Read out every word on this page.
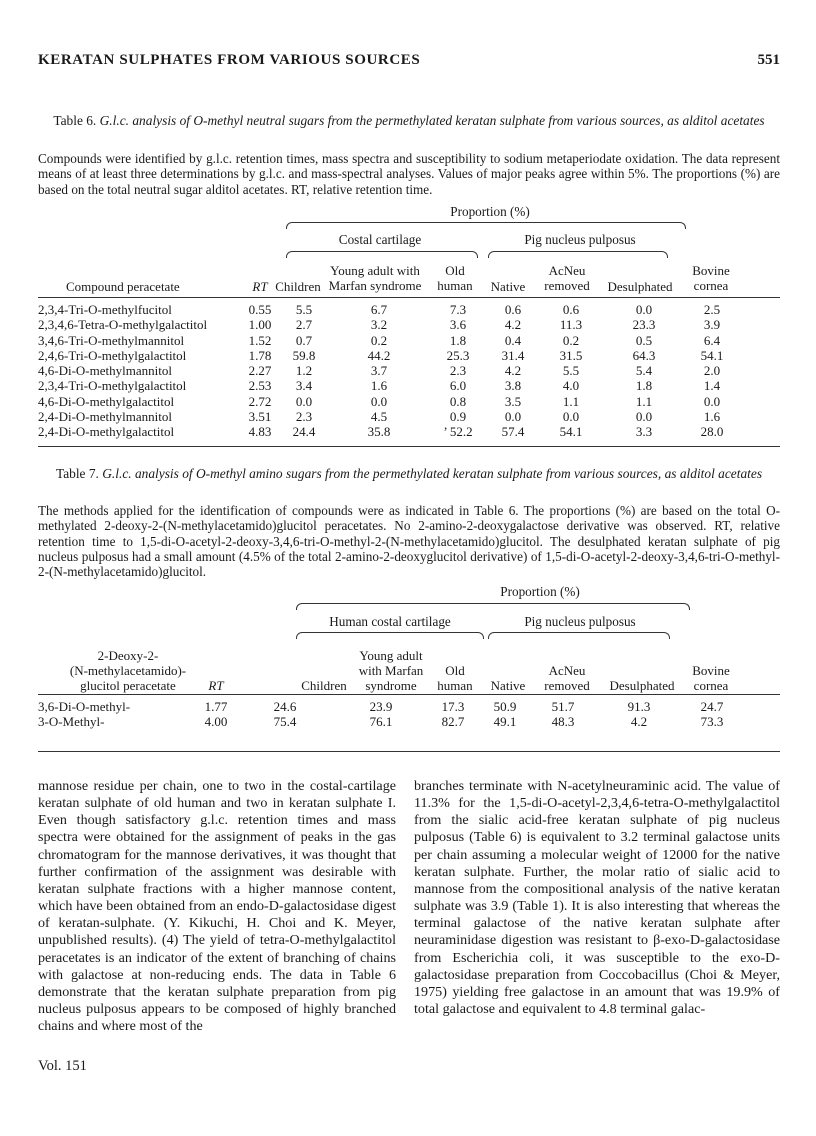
KERATAN SULPHATES FROM VARIOUS SOURCES	551
Table 6. G.l.c. analysis of O-methyl neutral sugars from the permethylated keratan sulphate from various sources, as alditol acetates
Compounds were identified by g.l.c. retention times, mass spectra and susceptibility to sodium metaperiodate oxidation. The data represent means of at least three determinations by g.l.c. and mass-spectral analyses. Values of major peaks agree within 5%. The proportions (%) are based on the total neutral sugar alditol acetates. RT, relative retention time.
Proportion (%)
Costal cartilage	Pig nucleus pulposus
Compound peracetate	RT Children
Young adult with
Marfan syndrome
Old
human	Native
AcNeu
removed	Desulphated
Bovine
cornea
2,3,4-Tri-O-methylfucitol	0.55	5.5	6.7	7.3	0.6	0.6	0.0	2.5
2,3,4,6-Tetra-O-methylgalactitol	1.00	2.7	3.2	3.6	4.2	11.3	23.3	3.9
3,4,6-Tri-O-methylmannitol	1.52	0.7	0.2	1.8	0.4	0.2	0.5	6.4
2,4,6-Tri-O-methylgalactitol	1.78	59.8	44.2	25.3	31.4	31.5	64.3	54.1
4,6-Di-O-methylmannitol	2.27	1.2	3.7	2.3	4.2	5.5	5.4	2.0
2,3,4-Tri-O-methylgalactitol	2.53	3.4	1.6	6.0	3.8	4.0	1.8	1.4
4,6-Di-O-methylgalactitol	2.72	0.0	0.0	0.8	3.5	1.1	1.1	0.0
2,4-Di-O-methylmannitol	3.51	2.3	4.5	0.9	0.0	0.0	0.0	1.6
2,4-Di-O-methylgalactitol	4.83	24.4	35.8	’ 52.2	57.4	54.1	3.3	28.0
Table 7. G.l.c. analysis of O-methyl amino sugars from the permethylated keratan sulphate from various sources, as alditol acetates
The methods applied for the identification of compounds were as indicated in Table 6. The proportions (%) are based on the total O-methylated 2-deoxy-2-(N-methylacetamido)glucitol peracetates. No 2-amino-2-deoxygalactose derivative was observed. RT, relative retention time to 1,5-di-O-acetyl-2-deoxy-3,4,6-tri-O-methyl-2-(N-methylacetamido)glucitol. The desulphated keratan sulphate of pig nucleus pulposus had a small amount (4.5% of the total 2-amino-2-deoxyglucitol derivative) of 1,5-di-O-acetyl-2-deoxy-3,4,6-tri-O-methyl-2-(N-methylacetamido)glucitol.
Proportion (%)
Human costal cartilage	Pig nucleus pulposus
2-Deoxy-2-
(N-methylacetamido)-
glucitol peracetate	RT	Children
Young adult
with Marfan
syndrome
Old
human	Native
AcNeu
removed	Desulphated
Bovine
cornea
3,6-Di-O-methyl-	1.77	24.6	23.9	17.3	50.9	51.7	91.3	24.7
3-O-Methyl-	4.00	75.4	76.1	82.7	49.1	48.3	4.2	73.3
mannose residue per chain, one to two in the costal-cartilage keratan sulphate of old human and two in keratan sulphate I. Even though satisfactory g.l.c. retention times and mass spectra were obtained for the assignment of peaks in the gas chromatogram for the mannose derivatives, it was thought that further confirmation of the assignment was desirable with keratan sulphate fractions with a higher mannose content, which have been obtained from an endo-D-galactosidase digest of keratan-sulphate. (Y. Kikuchi, H. Choi and K. Meyer, unpublished results). (4) The yield of tetra-O-methylgalactitol peracetates is an indicator of the extent of branching of chains with galactose at non-reducing ends. The data in Table 6 demonstrate that the keratan sulphate preparation from pig nucleus pulposus appears to be composed of highly branched chains and where most of the
branches terminate with N-acetylneuraminic acid. The value of 11.3% for the 1,5-di-O-acetyl-2,3,4,6-tetra-O-methylgalactitol from the sialic acid-free keratan sulphate of pig nucleus pulposus (Table 6) is equivalent to 3.2 terminal galactose units per chain assuming a molecular weight of 12000 for the native keratan sulphate. Further, the molar ratio of sialic acid to mannose from the compositional analysis of the native keratan sulphate was 3.9 (Table 1). It is also interesting that whereas the terminal galactose of the native keratan sulphate after neuraminidase digestion was resistant to β-exo-D-galactosidase from Escherichia coli, it was susceptible to the exo-D-galactosidase preparation from Coccobacillus (Choi & Meyer, 1975) yielding free galactose in an amount that was 19.9% of total galactose and equivalent to 4.8 terminal galac-
Vol. 151
